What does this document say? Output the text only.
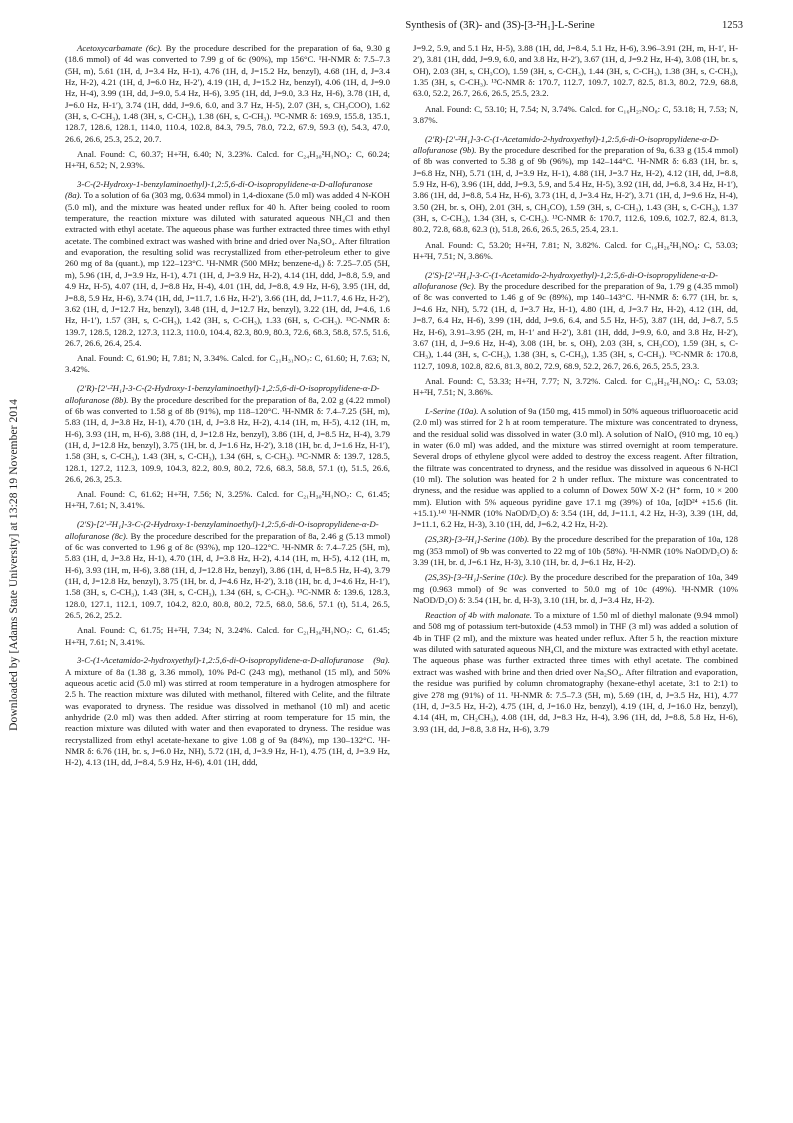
Downloaded by [Adams State University] at 13:28 19 November 2014
Synthesis of (3R)- and (3S)-[3-²H₁]-L-Serine	1253

Acetoxycarbamate (6c). By the procedure described for the preparation of 6a, 9.30 g (18.6 mmol) of 4d was converted to 7.99 g of 6c (90%), mp 156°C. ¹H-NMR δ: 7.5–7.3 (5H, m), 5.61 (1H, d, J=3.4 Hz, H-1), 4.76 (1H, d, J=15.2 Hz, benzyl), 4.68 (1H, d, J=3.4 Hz, H-2), 4.21 (1H, d, J=6.0 Hz, H-2′), 4.19 (1H, d, J=15.2 Hz, benzyl), 4.06 (1H, d, J=9.0 Hz, H-4), 3.99 (1H, dd, J=9.0, 5.4 Hz, H-6), 3.95 (1H, dd, J=9.0, 3.3 Hz, H-6), 3.78 (1H, d, J=6.0 Hz, H-1′), 3.74 (1H, ddd, J=9.6, 6.0, and 3.7 Hz, H-5), 2.07 (3H, s, CH₃COO), 1.62 (3H, s, C-CH₃), 1.48 (3H, s, C-CH₃), 1.38 (6H, s, C-CH₃). ¹³C-NMR δ: 169.9, 155.8, 135.1, 128.7, 128.6, 128.1, 114.0, 110.4, 102.8, 84.3, 79.5, 78.0, 72.2, 67.9, 59.3 (t), 54.3, 47.0, 26.6, 26.6, 25.3, 25.2, 20.7.

Anal. Found: C, 60.37; H+²H, 6.40; N, 3.23%. Calcd. for C₂₄H₃₀²H₁NO₉: C, 60.24; H+²H, 6.52; N, 2.93%.

3-C-(2-Hydroxy-1-benzylaminoethyl)-1,2:5,6-di-O-isopropylidene-α-D-allofuranose (8a). To a solution of 6a (303 mg, 0.634 mmol) in 1,4-dioxane (5.0 ml) was added 4 N-KOH (5.0 ml), and the mixture was heated under reflux for 40 h. After being cooled to room temperature, the reaction mixture was diluted with saturated aqueous NH₄Cl and then extracted with ethyl acetate. The aqueous phase was further extracted three times with ethyl acetate. The combined extract was washed with brine and dried over Na₂SO₄. After filtration and evaporation, the resulting solid was recrystallized from ether-petroleum ether to give 260 mg of 8a (quant.), mp 122–123°C. ¹H-NMR (500 MHz; benzene-d₆) δ: 7.25–7.05 (5H, m), 5.96 (1H, d, J=3.9 Hz, H-1), 4.71 (1H, d, J=3.9 Hz, H-2), 4.14 (1H, ddd, J=8.8, 5.9, and 4.9 Hz, H-5), 4.07 (1H, d, J=8.8 Hz, H-4), 4.01 (1H, dd, J=8.8, 4.9 Hz, H-6), 3.95 (1H, dd, J=8.8, 5.9 Hz, H-6), 3.74 (1H, dd, J=11.7, 1.6 Hz, H-2′), 3.66 (1H, dd, J=11.7, 4.6 Hz, H-2′), 3.62 (1H, d, J=12.7 Hz, benzyl), 3.48 (1H, d, J=12.7 Hz, benzyl), 3.22 (1H, dd, J=4.6, 1.6 Hz, H-1′), 1.57 (3H, s, C-CH₃), 1.42 (3H, s, C-CH₃), 1.33 (6H, s, C-CH₃). ¹³C-NMR δ: 139.7, 128.5, 128.2, 127.3, 112.3, 110.0, 104.4, 82.3, 80.9, 80.3, 72.6, 68.3, 58.8, 57.5, 51.6, 26.7, 26.6, 26.4, 25.4.

Anal. Found: C, 61.90; H, 7.81; N, 3.34%. Calcd. for C₂₁H₃₁NO₇: C, 61.60; H, 7.63; N, 3.42%.

(2′R)-[2′-²H₁]-3-C-(2-Hydroxy-1-benzylaminoethyl)-1,2:5,6-di-O-isopropylidene-α-D-allofuranose (8b). By the procedure described for the preparation of 8a, 2.02 g (4.22 mmol) of 6b was converted to 1.58 g of 8b (91%), mp 118–120°C. ¹H-NMR δ: 7.4–7.25 (5H, m), 5.83 (1H, d, J=3.8 Hz, H-1), 4.70 (1H, d, J=3.8 Hz, H-2), 4.14 (1H, m, H-5), 4.12 (1H, m, H-6), 3.93 (1H, m, H-6), 3.88 (1H, d, J=12.8 Hz, benzyl), 3.86 (1H, d, J=8.5 Hz, H-4), 3.79 (1H, d, J=12.8 Hz, benzyl), 3.75 (1H, br. d, J=1.6 Hz, H-2′), 3.18 (1H, br. d, J=1.6 Hz, H-1′), 1.58 (3H, s, C-CH₃), 1.43 (3H, s, C-CH₃), 1.34 (6H, s, C-CH₃). ¹³C-NMR δ: 139.7, 128.5, 128.1, 127.2, 112.3, 109.9, 104.3, 82.2, 80.9, 80.2, 72.6, 68.3, 58.8, 57.1 (t), 51.5, 26.6, 26.6, 26.3, 25.3.

Anal. Found: C, 61.62; H+²H, 7.56; N, 3.25%. Calcd. for C₂₁H₃₀²H₁NO₇: C, 61.45; H+²H, 7.61; N, 3.41%.

(2′S)-[2′-²H₁]-3-C-(2-Hydroxy-1-benzylaminoethyl)-1,2:5,6-di-O-isopropylidene-α-D-allofuranose (8c). By the procedure described for the preparation of 8a, 2.46 g (5.13 mmol) of 6c was converted to 1.96 g of 8c (93%), mp 120–122°C. ¹H-NMR δ: 7.4–7.25 (5H, m), 5.83 (1H, d, J=3.8 Hz, H-1), 4.70 (1H, d, J=3.8 Hz, H-2), 4.14 (1H, m, H-5), 4.12 (1H, m, H-6), 3.93 (1H, m, H-6), 3.88 (1H, d, J=12.8 Hz, benzyl), 3.86 (1H, d, H=8.5 Hz, H-4), 3.79 (1H, d, J=12.8 Hz, benzyl), 3.75 (1H, br. d, J=4.6 Hz, H-2′), 3.18 (1H, br. d, J=4.6 Hz, H-1′), 1.58 (3H, s, C-CH₃), 1.43 (3H, s, C-CH₃), 1.34 (6H, s, C-CH₃). ¹³C-NMR δ: 139.6, 128.3, 128.0, 127.1, 112.1, 109.7, 104.2, 82.0, 80.8, 80.2, 72.5, 68.0, 58.6, 57.1 (t), 51.4, 26.5, 26.5, 26.2, 25.2.

Anal. Found: C, 61.75; H+²H, 7.34; N, 3.24%. Calcd. for C₂₁H₃₀²H₁NO₇: C, 61.45; H+²H, 7.61; N, 3.41%.

3-C-(1-Acetamido-2-hydroxyethyl)-1,2:5,6-di-O-isopropylidene-α-D-allofuranose (9a). A mixture of 8a (1.38 g, 3.36 mmol), 10% Pd-C (243 mg), methanol (15 ml), and 50% aqueous acetic acid (5.0 ml) was stirred at room temperature in a hydrogen atmosphere for 2.5 h. The reaction mixture was diluted with methanol, filtered with Celite, and the filtrate was evaporated to dryness. The residue was dissolved in methanol (10 ml) and acetic anhydride (2.0 ml) was then added. After stirring at room temperature for 15 min, the reaction mixture was diluted with water and then evaporated to dryness. The residue was recrystallized from ethyl acetate-hexane to give 1.08 g of 9a (84%), mp 130–132°C. ¹H-NMR δ: 6.76 (1H, br. s, J=6.0 Hz, NH), 5.72 (1H, d, J=3.9 Hz, H-1), 4.75 (1H, d, J=3.9 Hz, H-2), 4.13 (1H, dd, J=8.4, 5.9 Hz, H-6), 4.01 (1H, ddd,

J=9.2, 5.9, and 5.1 Hz, H-5), 3.88 (1H, dd, J=8.4, 5.1 Hz, H-6), 3.96–3.91 (2H, m, H-1′, H-2′), 3.81 (1H, ddd, J=9.9, 6.0, and 3.8 Hz, H-2′), 3.67 (1H, d, J=9.2 Hz, H-4), 3.08 (1H, br. s, OH), 2.03 (3H, s, CH₃CO), 1.59 (3H, s, C-CH₃), 1.44 (3H, s, C-CH₃), 1.38 (3H, s, C-CH₃), 1.35 (3H, s, C-CH₃). ¹³C-NMR δ: 170.7, 112.7, 109.7, 102.7, 82.5, 81.3, 80.2, 72.9, 68.8, 63.0, 52.2, 26.7, 26.6, 26.5, 25.5, 23.2.

Anal. Found: C, 53.10; H, 7.54; N, 3.74%. Calcd. for C₁₆H₂₇NO₈: C, 53.18; H, 7.53; N, 3.87%.

(2′R)-[2′-²H₁]-3-C-(1-Acetamido-2-hydroxyethyl)-1,2:5,6-di-O-isopropylidene-α-D-allofuranose (9b). By the procedure described for the preparation of 9a, 6.33 g (15.4 mmol) of 8b was converted to 5.38 g of 9b (96%), mp 142–144°C. ¹H-NMR δ: 6.83 (1H, br. s, J=6.8 Hz, NH), 5.71 (1H, d, J=3.9 Hz, H-1), 4.88 (1H, J=3.7 Hz, H-2), 4.12 (1H, dd, J=8.8, 5.9 Hz, H-6), 3.96 (1H, ddd, J=9.3, 5.9, and 5.4 Hz, H-5), 3.92 (1H, dd, J=6.8, 3.4 Hz, H-1′), 3.86 (1H, dd, J=8.8, 5.4 Hz, H-6), 3.73 (1H, d, J=3.4 Hz, H-2′), 3.71 (1H, d, J=9.6 Hz, H-4), 3.50 (2H, br. s, OH), 2.01 (3H, s, CH₃CO), 1.59 (3H, s, C-CH₃), 1.43 (3H, s, C-CH₃), 1.37 (3H, s, C-CH₃), 1.34 (3H, s, C-CH₃). ¹³C-NMR δ: 170.7, 112.6, 109.6, 102.7, 82.4, 81.3, 80.2, 72.8, 68.8, 62.3 (t), 51.8, 26.6, 26.5, 26.5, 25.4, 23.1.

Anal. Found: C, 53.20; H+²H, 7.81; N, 3.82%. Calcd. for C₁₆H₂₆²H₁NO₈: C, 53.03; H+²H, 7.51; N, 3.86%.

(2′S)-[2′-²H₁]-3-C-(1-Acetamido-2-hydroxyethyl)-1,2:5,6-di-O-isopropylidene-α-D-allofuranose (9c). By the procedure described for the preparation of 9a, 1.79 g (4.35 mmol) of 8c was converted to 1.46 g of 9c (89%), mp 140–143°C. ¹H-NMR δ: 6.77 (1H, br. s, J=4.6 Hz, NH), 5.72 (1H, d, J=3.7 Hz, H-1), 4.80 (1H, d, J=3.7 Hz, H-2), 4.12 (1H, dd, J=8.7, 6.4 Hz, H-6), 3.99 (1H, ddd, J=9.6, 6.4, and 5.5 Hz, H-5), 3.87 (1H, dd, J=8.7, 5.5 Hz, H-6), 3.91–3.95 (2H, m, H-1′ and H-2′), 3.81 (1H, ddd, J=9.9, 6.0, and 3.8 Hz, H-2′), 3.67 (1H, d, J=9.6 Hz, H-4), 3.08 (1H, br. s, OH), 2.03 (3H, s, CH₃CO), 1.59 (3H, s, C-CH₃), 1.44 (3H, s, C-CH₃), 1.38 (3H, s, C-CH₃), 1.35 (3H, s, C-CH₃). ¹³C-NMR δ: 170.8, 112.7, 109.8, 102.8, 82.6, 81.3, 80.2, 72.9, 68.9, 52.2, 26.7, 26.6, 26.5, 25.5, 23.3.

Anal. Found: C, 53.33; H+²H, 7.77; N, 3.72%. Calcd. for C₁₆H₂₆²H₁NO₈: C, 53.03; H+²H, 7.51; N, 3.86%.

L-Serine (10a). A solution of 9a (150 mg, 415 mmol) in 50% aqueous trifluoroacetic acid (2.0 ml) was stirred for 2 h at room temperature. The mixture was concentrated to dryness, and the residual solid was dissolved in water (3.0 ml). A solution of NaIO₄ (910 mg, 10 eq.) in water (6.0 ml) was added, and the mixture was stirred overnight at room temperature. Several drops of ethylene glycol were added to destroy the excess reagent. After filtration, the filtrate was concentrated to dryness, and the residue was dissolved in aqueous 6 N-HCl (10 ml). The solution was heated for 2 h under reflux. The mixture was concentrated to dryness, and the residue was applied to a column of Dowex 50W X-2 (H⁺ form, 10 × 200 mm). Elution with 5% aqueous pyridine gave 17.1 mg (39%) of 10a, [α]D²⁴ +15.6 (lit. +15.1).¹⁴⁾ ¹H-NMR (10% NaOD/D₂O) δ: 3.54 (1H, dd, J=11.1, 4.2 Hz, H-3), 3.39 (1H, dd, J=11.1, 6.2 Hz, H-3), 3.10 (1H, dd, J=6.2, 4.2 Hz, H-2).

(2S,3R)-[3-²H₁]-Serine (10b). By the procedure described for the preparation of 10a, 128 mg (353 mmol) of 9b was converted to 22 mg of 10b (58%). ¹H-NMR (10% NaOD/D₂O) δ: 3.39 (1H, br. d, J=6.1 Hz, H-3), 3.10 (1H, br. d, J=6.1 Hz, H-2).

(2S,3S)-[3-²H₁]-Serine (10c). By the procedure described for the preparation of 10a, 349 mg (0.963 mmol) of 9c was converted to 50.0 mg of 10c (49%). ¹H-NMR (10% NaOD/D₂O) δ: 3.54 (1H, br. d, H-3), 3.10 (1H, br. d, J=3.4 Hz, H-2).

Reaction of 4b with malonate. To a mixture of 1.50 ml of diethyl malonate (9.94 mmol) and 508 mg of potassium tert-butoxide (4.53 mmol) in THF (3 ml) was added a solution of 4b in THF (2 ml), and the mixture was heated under reflux. After 5 h, the reaction mixture was diluted with saturated aqueous NH₄Cl, and the mixture was extracted with ethyl acetate. The aqueous phase was further extracted three times with ethyl acetate. The combined extract was washed with brine and then dried over Na₂SO₄. After filtration and evaporation, the residue was purified by column chromatography (hexane-ethyl acetate, 3:1 to 2:1) to give 278 mg (91%) of 11. ¹H-NMR δ: 7.5–7.3 (5H, m), 5.69 (1H, d, J=3.5 Hz, H1), 4.77 (1H, d, J=3.5 Hz, H-2), 4.75 (1H, d, J=16.0 Hz, benzyl), 4.19 (1H, d, J=16.0 Hz, benzyl), 4.14 (4H, m, CH₂CH₃), 4.08 (1H, dd, J=8.3 Hz, H-4), 3.96 (1H, dd, J=8.8, 5.8 Hz, H-6), 3.93 (1H, dd, J=8.8, 3.8 Hz, H-6), 3.79
